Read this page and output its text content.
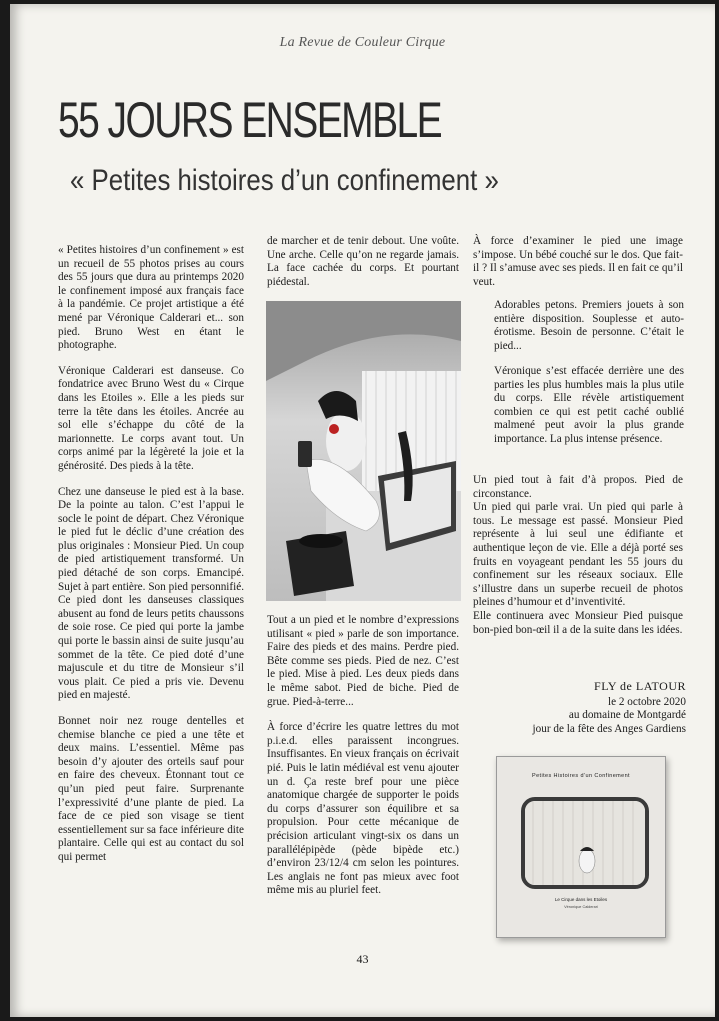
La Revue de Couleur Cirque
55 JOURS ENSEMBLE
« Petites histoires d’un confinement »

« Petites histoires d’un confinement » est un recueil de 55 photos prises au cours des 55 jours que dura au printemps 2020 le confinement imposé aux français face à la pandémie. Ce projet artistique a été mené par Véronique Calderari et... son pied. Bruno West en étant le photographe.

Véronique Calderari est danseuse. Co fondatrice avec Bruno West du « Cirque dans les Etoiles ». Elle a les pieds sur terre la tête dans les étoiles. Ancrée au sol elle s’échappe du côté de la marionnette. Le corps avant tout. Un corps animé par la légèreté la joie et la générosité. Des pieds à la tête.

Chez une danseuse le pied est à la base. De la pointe au talon. C’est l’appui le socle le point de départ. Chez Véronique le pied fut le déclic d’une création des plus originales : Monsieur Pied. Un coup de pied artistiquement transformé. Un pied détaché de son corps. Emancipé. Sujet à part entière. Son pied personnifié. Ce pied dont les danseuses classiques abusent au fond de leurs petits chaussons de soie rose. Ce pied qui porte la jambe qui porte le bassin ainsi de suite jusqu’au sommet de la tête. Ce pied doté d’une majuscule et du titre de Monsieur s’il vous plait. Ce pied a pris vie. Devenu pied en majesté.

Bonnet noir nez rouge dentelles et chemise blanche ce pied a une tête et deux mains. L’essentiel. Même pas besoin d’y ajouter des orteils sauf pour en faire des cheveux. Étonnant tout ce qu’un pied peut faire. Surprenante l’expressivité d’une plante de pied. La face de ce pied son visage se tient essentiellement sur sa face inférieure dite plantaire. Celle qui est au contact du sol qui permet

de marcher et de tenir debout. Une voûte. Une arche. Celle qu’on ne regarde jamais. La face cachée du corps. Et pourtant piédestal.

Tout a un pied et le nombre d’expressions utilisant « pied » parle de son importance. Faire des pieds et des mains. Perdre pied. Bête comme ses pieds. Pied de nez. C’est le pied. Mise à pied. Les deux pieds dans le même sabot. Pied de biche. Pied de grue. Pied-à-terre...

À force d’écrire les quatre lettres du mot p.i.e.d. elles paraissent incongrues. Insuffisantes. En vieux français on écrivait pié. Puis le latin médiéval est venu ajouter un d. Ça reste bref pour une pièce anatomique chargée de supporter le poids du corps d’assurer son équilibre et sa propulsion. Pour cette mécanique de précision articulant vingt-six os dans un parallélépipède (pède bipède etc.) d’environ 23/12/4 cm selon les pointures. Les anglais ne font pas mieux avec foot même mis au pluriel feet.

À force d’examiner le pied une image s’impose. Un bébé couché sur le dos. Que fait-il ? Il s’amuse avec ses pieds. Il en fait ce qu’il veut.

Adorables petons. Premiers jouets à son entière disposition. Souplesse et auto-érotisme. Besoin de personne. C’était le pied...

Véronique s’est effacée derrière une des parties les plus humbles mais la plus utile du corps. Elle révèle artistiquement combien ce qui est petit caché oublié malmené peut avoir la plus grande importance. La plus intense présence.

Un pied tout à fait d’à propos. Pied de circonstance.

Un pied qui parle vrai. Un pied qui parle à tous. Le message est passé. Monsieur Pied représente à lui seul une édifiante et authentique leçon de vie. Elle a déjà porté ses fruits en voyageant pendant les 55 jours du confinement sur les réseaux sociaux. Elle s’illustre dans un superbe recueil de photos pleines d’humour et d’inventivité.

Elle continuera avec Monsieur Pied puisque bon-pied bon-œil il a de la suite dans les idées.

FLY de LATOUR
le 2 octobre 2020
au domaine de Montgardé
jour de la fête des Anges Gardiens
Petites Histoires d’un Confinement
Le Cirque dans les Etoiles
Véronique Calderari
43
